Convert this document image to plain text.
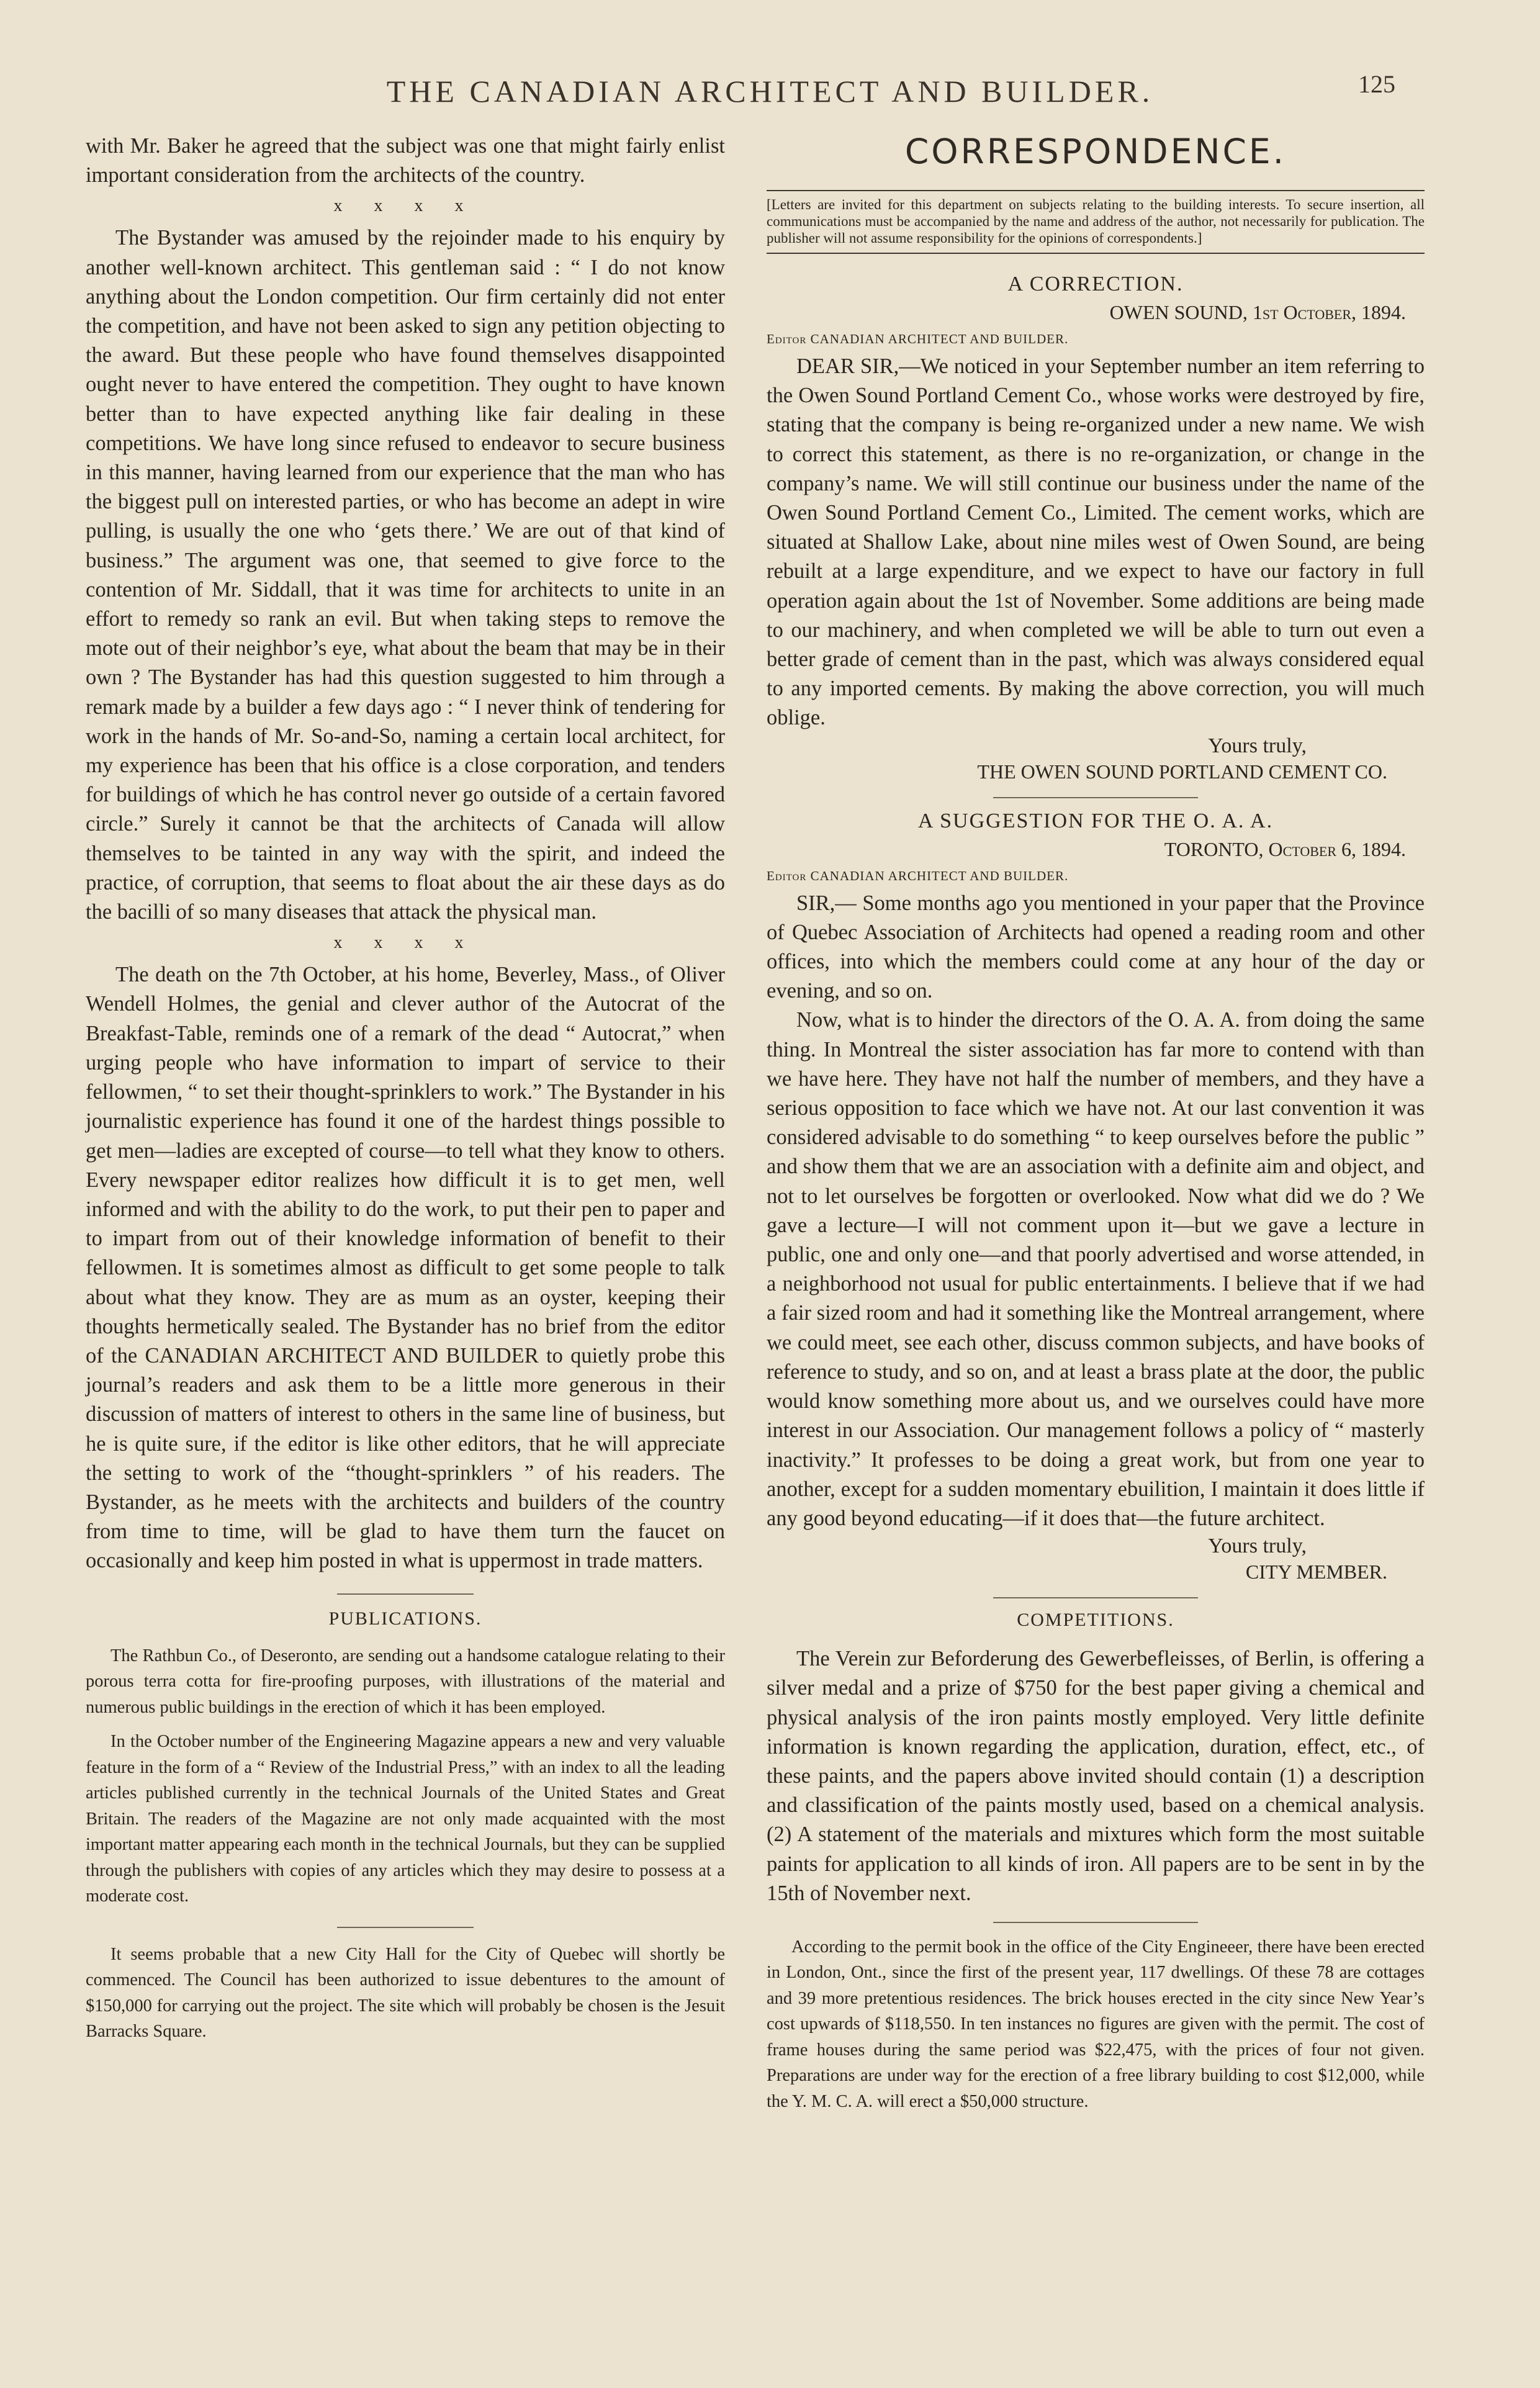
THE CANADIAN ARCHITECT AND BUILDER.	125

with Mr. Baker he agreed that the subject was one that might fairly enlist important consideration from the architects of the country.

x x x x

The Bystander was amused by the rejoinder made to his enquiry by another well-known architect. This gentleman said : “ I do not know anything about the London competition. Our firm certainly did not enter the competition, and have not been asked to sign any petition objecting to the award. But these people who have found themselves disappointed ought never to have entered the competition. They ought to have known better than to have expected anything like fair dealing in these competitions. We have long since refused to endeavor to secure business in this manner, having learned from our experience that the man who has the biggest pull on interested parties, or who has become an adept in wire pulling, is usually the one who ‘gets there.’ We are out of that kind of business.” The argument was one, that seemed to give force to the contention of Mr. Siddall, that it was time for architects to unite in an effort to remedy so rank an evil. But when taking steps to remove the mote out of their neighbor’s eye, what about the beam that may be in their own ? The Bystander has had this question suggested to him through a remark made by a builder a few days ago : “ I never think of tendering for work in the hands of Mr. So-and-So, naming a certain local architect, for my experience has been that his office is a close corporation, and tenders for buildings of which he has control never go outside of a certain favored circle.” Surely it cannot be that the architects of Canada will allow themselves to be tainted in any way with the spirit, and indeed the practice, of corruption, that seems to float about the air these days as do the bacilli of so many diseases that attack the physical man.

x x x x

The death on the 7th October, at his home, Beverley, Mass., of Oliver Wendell Holmes, the genial and clever author of the Autocrat of the Breakfast-Table, reminds one of a remark of the dead “ Autocrat,” when urging people who have information to impart of service to their fellowmen, “ to set their thought-sprinklers to work.” The Bystander in his journalistic experience has found it one of the hardest things possible to get men—ladies are excepted of course—to tell what they know to others. Every newspaper editor realizes how difficult it is to get men, well informed and with the ability to do the work, to put their pen to paper and to impart from out of their knowledge information of benefit to their fellowmen. It is sometimes almost as difficult to get some people to talk about what they know. They are as mum as an oyster, keeping their thoughts hermetically sealed. The Bystander has no brief from the editor of the CANADIAN ARCHITECT AND BUILDER to quietly probe this journal’s readers and ask them to be a little more generous in their discussion of matters of interest to others in the same line of business, but he is quite sure, if the editor is like other editors, that he will appreciate the setting to work of the “thought-sprinklers ” of his readers. The Bystander, as he meets with the architects and builders of the country from time to time, will be glad to have them turn the faucet on occasionally and keep him posted in what is uppermost in trade matters.

PUBLICATIONS.

The Rathbun Co., of Deseronto, are sending out a handsome catalogue relating to their porous terra cotta for fire-proofing purposes, with illustrations of the material and numerous public buildings in the erection of which it has been employed.

In the October number of the Engineering Magazine appears a new and very valuable feature in the form of a “ Review of the Industrial Press,” with an index to all the leading articles published currently in the technical Journals of the United States and Great Britain. The readers of the Magazine are not only made acquainted with the most important matter appearing each month in the technical Journals, but they can be supplied through the publishers with copies of any articles which they may desire to possess at a moderate cost.

It seems probable that a new City Hall for the City of Quebec will shortly be commenced. The Council has been authorized to issue debentures to the amount of $150,000 for carrying out the project. The site which will probably be chosen is the Jesuit Barracks Square.

CORRESPONDENCE.

[Letters are invited for this department on subjects relating to the building interests. To secure insertion, all communications must be accompanied by the name and address of the author, not necessarily for publication. The publisher will not assume responsibility for the opinions of correspondents.]

A CORRECTION.
OWEN SOUND, 1st October, 1894.
Editor CANADIAN ARCHITECT AND BUILDER.

DEAR SIR,—We noticed in your September number an item referring to the Owen Sound Portland Cement Co., whose works were destroyed by fire, stating that the company is being re-organized under a new name. We wish to correct this statement, as there is no re-organization, or change in the company’s name. We will still continue our business under the name of the Owen Sound Portland Cement Co., Limited. The cement works, which are situated at Shallow Lake, about nine miles west of Owen Sound, are being rebuilt at a large expenditure, and we expect to have our factory in full operation again about the 1st of November. Some additions are being made to our machinery, and when completed we will be able to turn out even a better grade of cement than in the past, which was always considered equal to any imported cements. By making the above correction, you will much oblige.

Yours truly,
THE OWEN SOUND PORTLAND CEMENT CO.
A SUGGESTION FOR THE O. A. A.
TORONTO, October 6, 1894.
Editor CANADIAN ARCHITECT AND BUILDER.

SIR,— Some months ago you mentioned in your paper that the Province of Quebec Association of Architects had opened a reading room and other offices, into which the members could come at any hour of the day or evening, and so on.

Now, what is to hinder the directors of the O. A. A. from doing the same thing. In Montreal the sister association has far more to contend with than we have here. They have not half the number of members, and they have a serious opposition to face which we have not. At our last convention it was considered advisable to do something “ to keep ourselves before the public ” and show them that we are an association with a definite aim and object, and not to let ourselves be forgotten or overlooked. Now what did we do ? We gave a lecture—I will not comment upon it—but we gave a lecture in public, one and only one—and that poorly advertised and worse attended, in a neighborhood not usual for public entertainments. I believe that if we had a fair sized room and had it something like the Montreal arrangement, where we could meet, see each other, discuss common subjects, and have books of reference to study, and so on, and at least a brass plate at the door, the public would know something more about us, and we ourselves could have more interest in our Association. Our management follows a policy of “ masterly inactivity.” It professes to be doing a great work, but from one year to another, except for a sudden momentary ebuilition, I maintain it does little if any good beyond educating—if it does that—the future architect.

Yours truly,
CITY MEMBER.
COMPETITIONS.

The Verein zur Beforderung des Gewerbefleisses, of Berlin, is offering a silver medal and a prize of $750 for the best paper giving a chemical and physical analysis of the iron paints mostly employed. Very little definite information is known regarding the application, duration, effect, etc., of these paints, and the papers above invited should contain (1) a description and classification of the paints mostly used, based on a chemical analysis. (2) A statement of the materials and mixtures which form the most suitable paints for application to all kinds of iron. All papers are to be sent in by the 15th of November next.

According to the permit book in the office of the City Engineeer, there have been erected in London, Ont., since the first of the present year, 117 dwellings. Of these 78 are cottages and 39 more pretentious residences. The brick houses erected in the city since New Year’s cost upwards of $118,550. In ten instances no figures are given with the permit. The cost of frame houses during the same period was $22,475, with the prices of four not given. Preparations are under way for the erection of a free library building to cost $12,000, while the Y. M. C. A. will erect a $50,000 structure.
